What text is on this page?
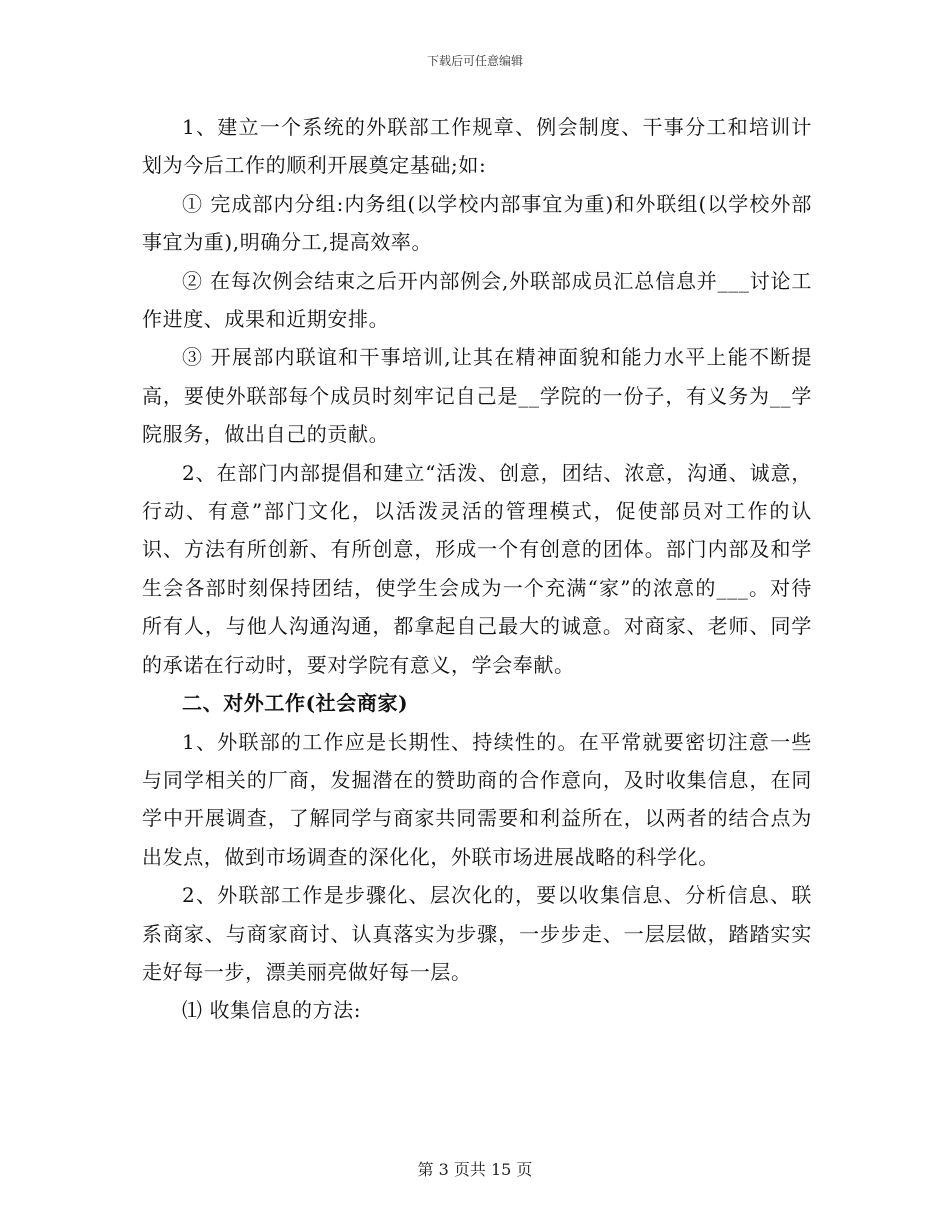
下载后可任意编辑

1、建立一个系统的外联部工作规章、例会制度、干事分工和培训计划为今后工作的顺利开展奠定基础;如:

① 完成部内分组:内务组(以学校内部事宜为重)和外联组(以学校外部事宜为重),明确分工,提高效率。

② 在每次例会结束之后开内部例会,外联部成员汇总信息并___讨论工作进度、成果和近期安排。

③ 开展部内联谊和干事培训,让其在精神面貌和能力水平上能不断提高，要使外联部每个成员时刻牢记自己是__学院的一份子，有义务为__学院服务，做出自己的贡献。

2、在部门内部提倡和建立“活泼、创意，团结、浓意，沟通、诚意，行动、有意”部门文化，以活泼灵活的管理模式，促使部员对工作的认识、方法有所创新、有所创意，形成一个有创意的团体。部门内部及和学生会各部时刻保持团结，使学生会成为一个充满“家”的浓意的___。对待所有人，与他人沟通沟通，都拿起自己最大的诚意。对商家、老师、同学的承诺在行动时，要对学院有意义，学会奉献。

二、对外工作(社会商家)

1、外联部的工作应是长期性、持续性的。在平常就要密切注意一些与同学相关的厂商，发掘潜在的赞助商的合作意向，及时收集信息，在同学中开展调查，了解同学与商家共同需要和利益所在，以两者的结合点为出发点，做到市场调查的深化化，外联市场进展战略的科学化。

2、外联部工作是步骤化、层次化的，要以收集信息、分析信息、联系商家、与商家商讨、认真落实为步骤，一步步走、一层层做，踏踏实实走好每一步，漂美丽亮做好每一层。

⑴ 收集信息的方法:

第 3 页共 15 页
